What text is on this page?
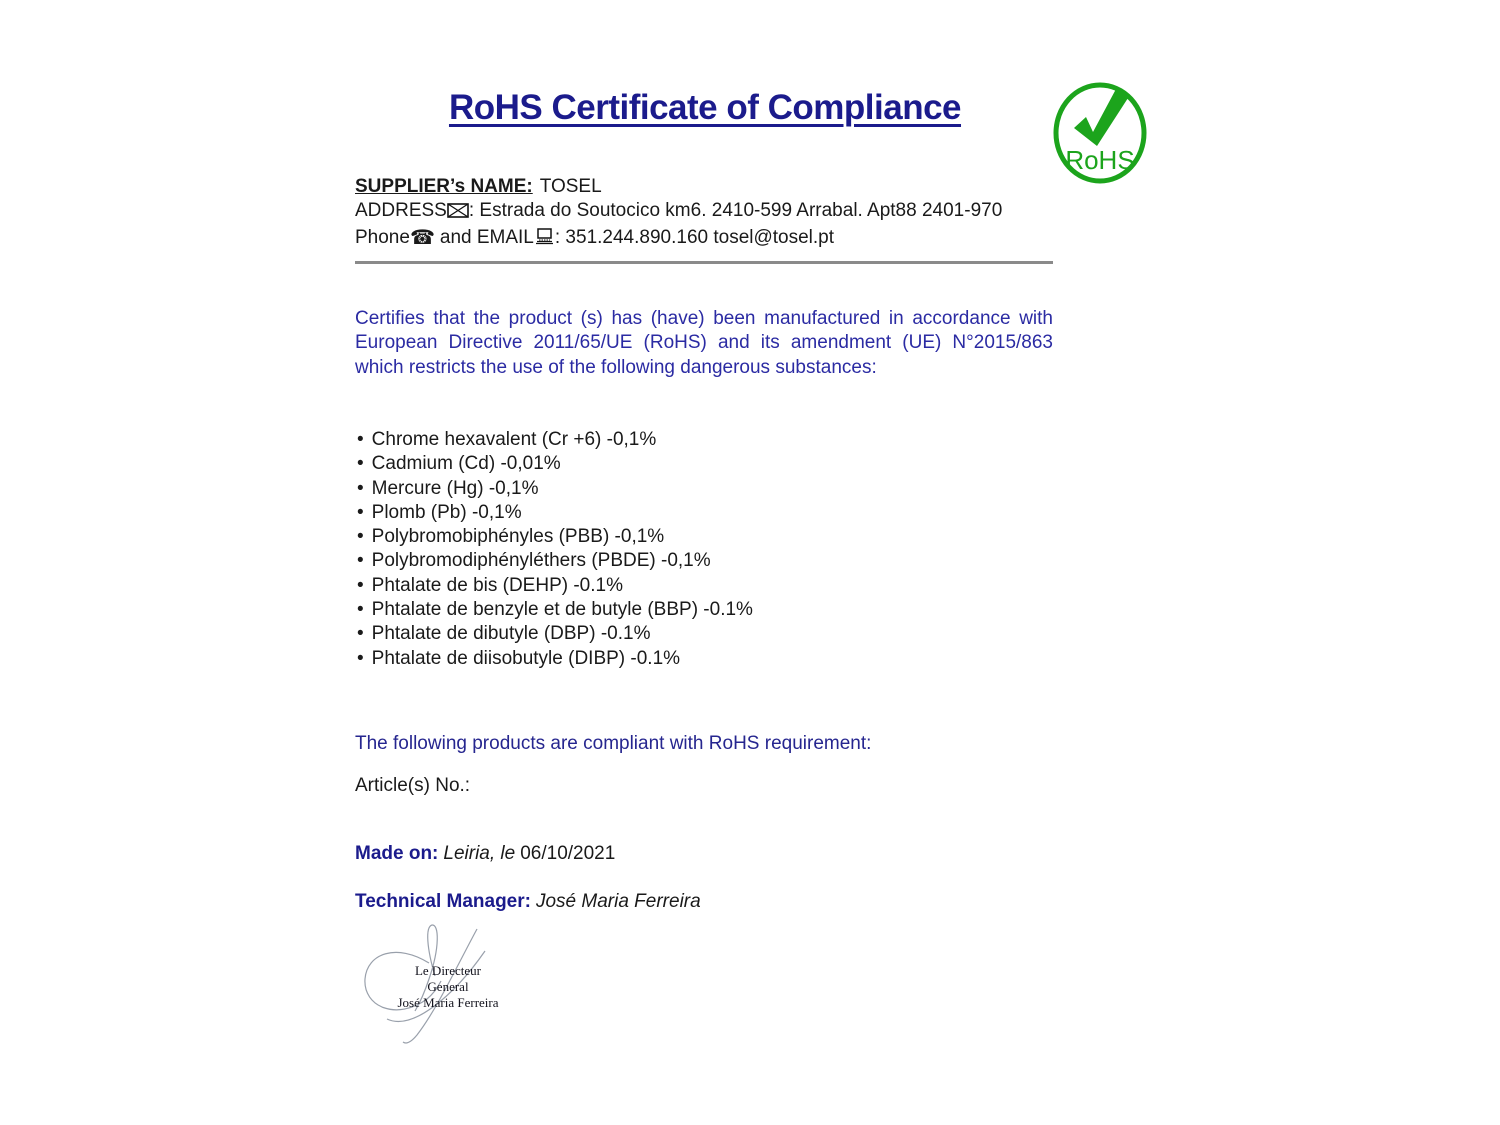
RoHS
RoHS Certificate of Compliance
SUPPLIER’s NAME: TOSEL
ADDRESS : Estrada do Soutocico km6. 2410-599 Arrabal. Apt88 2401-970
Phone☎ and EMAIL : 351.244.890.160 tosel@tosel.pt

Certifies that the product (s) has (have) been manufactured in accordance with European Directive 2011/65/UE (RoHS) and its amendment (UE) N°2015/863 which restricts the use of the following dangerous substances:

• Chrome hexavalent (Cr +6) -0,1%
• Cadmium (Cd) -0,01%
• Mercure (Hg) -0,1%
• Plomb (Pb) -0,1%
• Polybromobiphényles (PBB) -0,1%
• Polybromodiphényléthers (PBDE) -0,1%
• Phtalate de bis (DEHP) -0.1%
• Phtalate de benzyle et de butyle (BBP) -0.1%
• Phtalate de dibutyle (DBP) -0.1%
• Phtalate de diisobutyle (DIBP) -0.1%
The following products are compliant with RoHS requirement:
Article(s) No.:
Made on: Leiria, le 06/10/2021
Technical Manager: José Maria Ferreira
Le Directeur General
José Maria Ferreira
